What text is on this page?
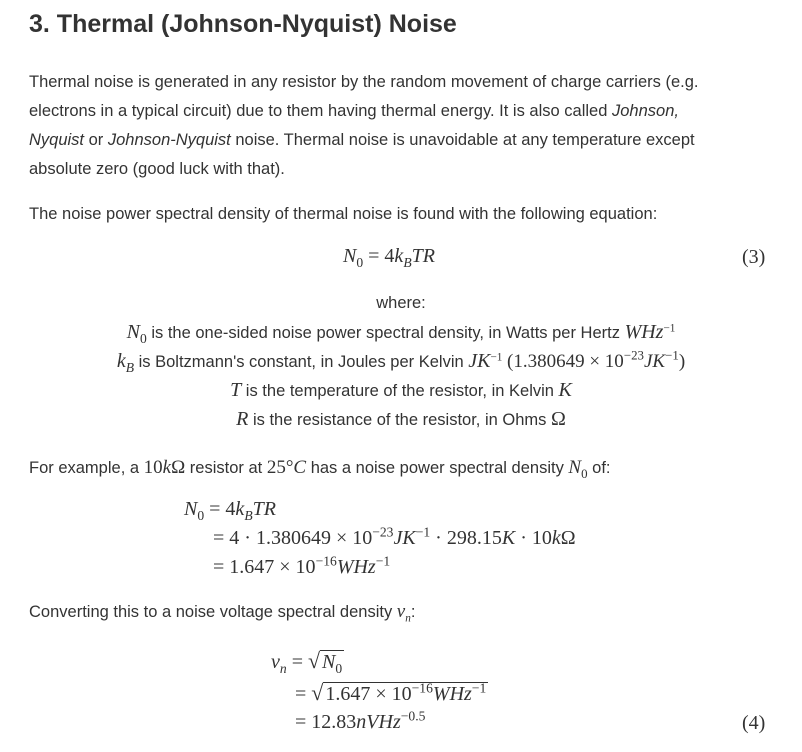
3. Thermal (Johnson-Nyquist) Noise
Thermal noise is generated in any resistor by the random movement of charge carriers (e.g.
electrons in a typical circuit) due to them having thermal energy. It is also called Johnson,
Nyquist or Johnson-Nyquist noise. Thermal noise is unavoidable at any temperature except
absolute zero (good luck with that).
The noise power spectral density of thermal noise is found with the following equation:
$N_0 = 4k_BTR$	(3)
where:
$N_0$ is the one-sided noise power spectral density, in Watts per Hertz WHz$^{-1}$
$k_B$ is Boltzmann's constant, in Joules per Kelvin $JK^{-1}$ $(1.380649 \times 10^{-23}JK^{-1})$
T is the temperature of the resistor, in Kelvin K
R is the resistance of the resistor, in Ohms Ω
For example, a 10kΩ resistor at 25°C has a noise power spectral density $N_0$ of:
$N_0 = 4k_BTR$
= $4 \cdot 1.380649 \times 10^{-23}JK^{-1} \cdot 298.15K \cdot 10k\Omega$
= $1.647 \times 10^{-16}WHz^{-1}$
Converting this to a noise voltage spectral density $v_n$:
$v_n$ = √ $N_0$
= √ $1.647 \times 10^{-16}WHz^{-1}$
= 12.83nVHz$^{-0.5}$	(4)
